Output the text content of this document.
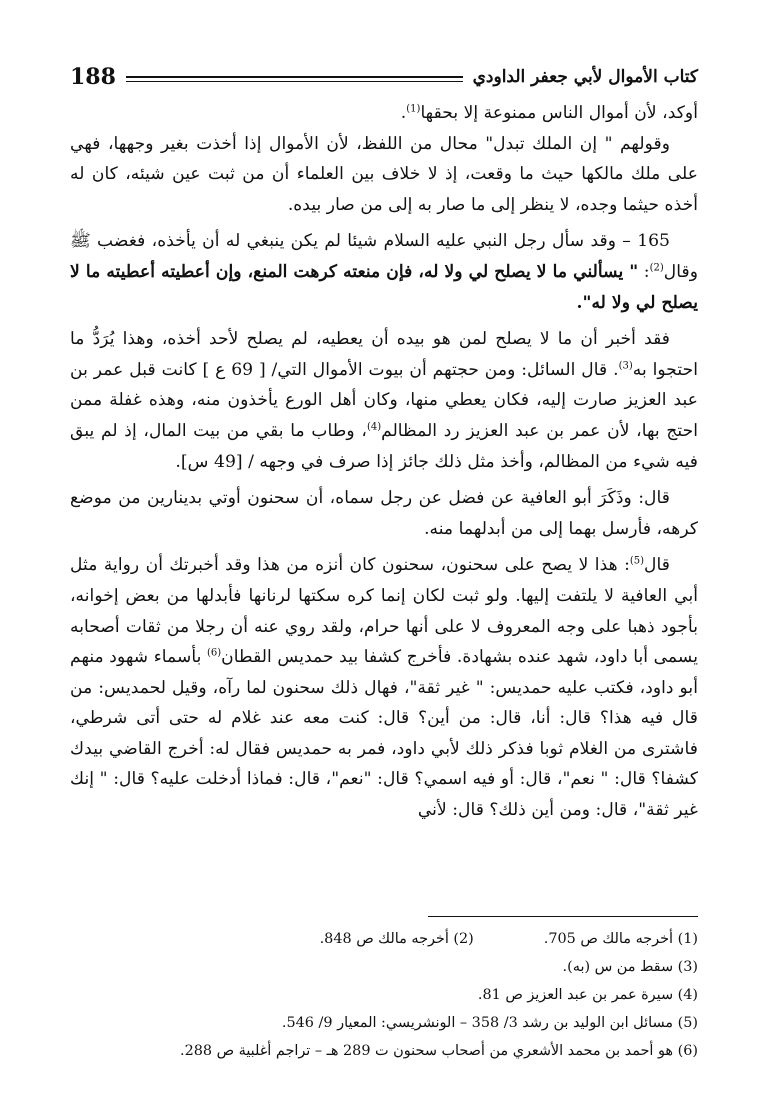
188	كتاب الأموال لأبي جعفر الداودي

أوكد، لأن أموال الناس ممنوعة إلا بحقها$^{(1)}$.

وقولهم " إن الملك تبدل" محال من اللفظ، لأن الأموال إذا أخذت بغير وجهها، فهي على ملك مالكها حيث ما وقعت، إذ لا خلاف بين العلماء أن من ثبت عين شيئه، كان له أخذه حيثما وجده، لا ينظر إلى ما صار به إلى من صار بيده.

165 – وقد سأل رجل النبي عليه السلام شيئا لم يكن ينبغي له أن يأخذه، فغضب ﷺ وقال$^{(2)}$: " يسألني ما لا يصلح لي ولا له، فإن منعته كرهت المنع، وإن أعطيته أعطيته ما لا يصلح لي ولا له".

فقد أخبر أن ما لا يصلح لمن هو بيده أن يعطيه، لم يصلح لأحد أخذه، وهذا يُرَدُّ ما احتجوا به$^{(3)}$. قال السائل: ومن حجتهم أن بيوت الأموال التي/ [ 69 ع ] كانت قبل عمر بن عبد العزيز صارت إليه، فكان يعطي منها، وكان أهل الورع يأخذون منه، وهذه غفلة ممن احتج بها، لأن عمر بن عبد العزيز رد المظالم$^{(4)}$، وطاب ما بقي من بيت المال، إذ لم يبق فيه شيء من المظالم، وأخذ مثل ذلك جائز إذا صرف في وجهه / [49 س].

قال: وذَكَرَ أبو العافية عن فضل عن رجل سماه، أن سحنون أوتي بدينارين من موضع كرهه، فأرسل بهما إلى من أبدلهما منه.

قال$^{(5)}$: هذا لا يصح على سحنون، سحنون كان أنزه من هذا وقد أخبرتك أن رواية مثل أبي العافية لا يلتفت إليها. ولو ثبت لكان إنما كره سكتها لرنانها فأبدلها من بعض إخوانه، بأجود ذهبا على وجه المعروف لا على أنها حرام، ولقد روي عنه أن رجلا من ثقات أصحابه يسمى أبا داود، شهد عنده بشهادة. فأخرج كشفا بيد حمديس القطان$^{(6)}$ بأسماء شهود منهم أبو داود، فكتب عليه حمديس: " غير ثقة"، فهال ذلك سحنون لما رآه، وقيل لحمديس: من قال فيه هذا؟ قال: أنا، قال: من أين؟ قال: كنت معه عند غلام له حتى أتى شرطي، فاشترى من الغلام ثوبا فذكر ذلك لأبي داود، فمر به حمديس فقال له: أخرج القاضي بيدك كشفا؟ قال: " نعم"، قال: أو فيه اسمي؟ قال: "نعم"، قال: فماذا أدخلت عليه؟ قال: " إنك غير ثقة"، قال: ومن أين ذلك؟ قال: لأني

(1) أخرجه مالك ص 705.

(2) أخرجه مالك ص 848.

(3) سقط من س (به).

(4) سيرة عمر بن عبد العزيز ص 81.

(5) مسائل ابن الوليد بن رشد 3/ 358 – الونشريسي: المعيار 9/ 546.

(6) هو أحمد بن محمد الأشعري من أصحاب سحنون ت 289 هـ – تراجم أغلبية ص 288.
